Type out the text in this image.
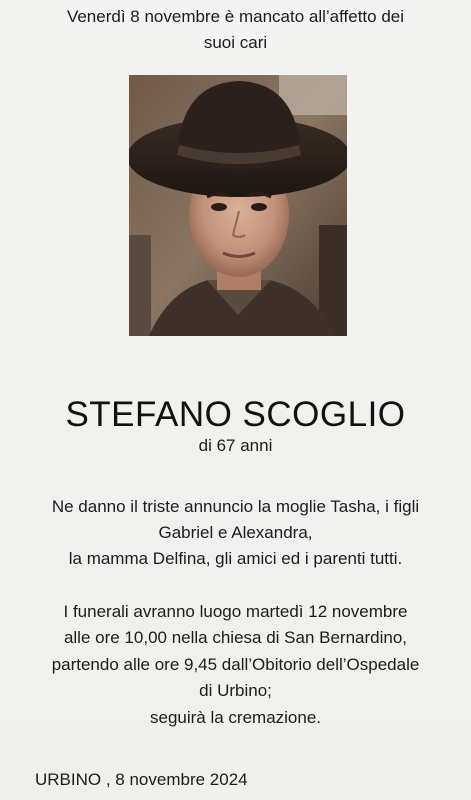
Venerdì 8 novembre è mancato all’affetto dei

suoi cari

STEFANO SCOGLIO

di 67 anni

Ne danno il triste annuncio la moglie Tasha, i figli

Gabriel e Alexandra,

la mamma Delfina, gli amici ed i parenti tutti.

I funerali avranno luogo martedì 12 novembre

alle ore 10,00 nella chiesa di San Bernardino,

partendo alle ore 9,45 dall’Obitorio dell’Ospedale

di Urbino;

seguirà la cremazione.

URBINO , 8 novembre 2024
